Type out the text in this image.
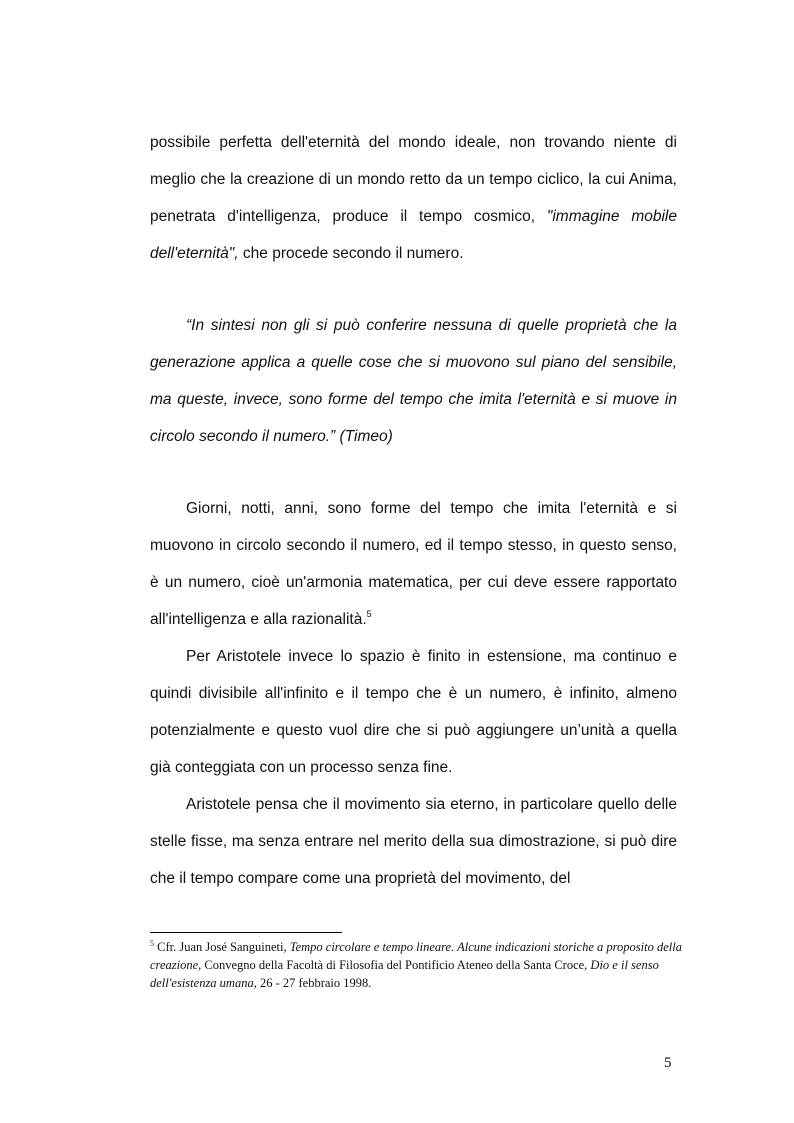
possibile perfetta dell'eternità del mondo ideale, non trovando niente di meglio che la creazione di un mondo retto da un tempo ciclico, la cui Anima, penetrata d'intelligenza, produce il tempo cosmico, "immagine mobile dell'eternità", che procede secondo il numero.

“In sintesi non gli si può conferire nessuna di quelle proprietà che la generazione applica a quelle cose che si muovono sul piano del sensibile, ma queste, invece, sono forme del tempo che imita l'eternità e si muove in circolo secondo il numero.” (Timeo)

Giorni, notti, anni, sono forme del tempo che imita l'eternità e si muovono in circolo secondo il numero, ed il tempo stesso, in questo senso, è un numero, cioè un'armonia matematica, per cui deve essere rapportato all'intelligenza e alla razionalità.$^5$

Per Aristotele invece lo spazio è finito in estensione, ma continuo e quindi divisibile all'infinito e il tempo che è un numero, è infinito, almeno potenzialmente e questo vuol dire che si può aggiungere un’unità a quella già conteggiata con un processo senza fine.

Aristotele pensa che il movimento sia eterno, in particolare quello delle stelle fisse, ma senza entrare nel merito della sua dimostrazione, si può dire che il tempo compare come una proprietà del movimento, del

$^5$ Cfr. Juan José Sanguineti, Tempo circolare e tempo lineare. Alcune indicazioni storiche a proposito della creazione, Convegno della Facoltà di Filosofia del Pontificio Ateneo della Santa Croce, Dio e il senso dell'esistenza umana, 26 - 27 febbraio 1998.
5
